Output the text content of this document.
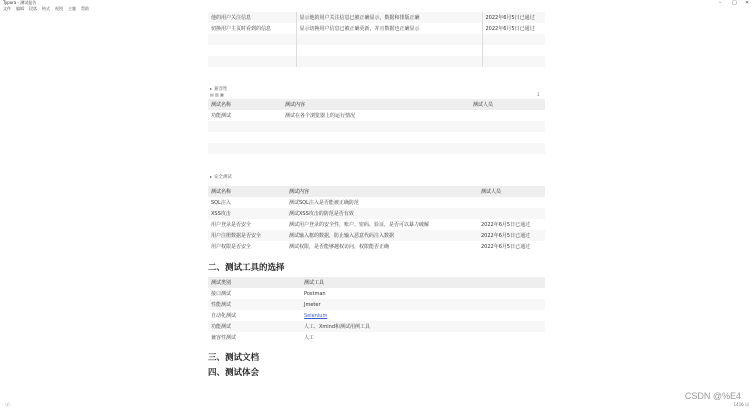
Typora - 测试报告	– □ ✕
文件 编辑 段落 格式 视图 主题 帮助
他的用户关注信息	显示他的用户关注信息已被正确显示，数据和排版正确	2022年6月5日已通过
切换用户主页时看到的信息	显示切换用户信息已被正确更新，并且数据也正确显示	2022年6月5日已通过

▸ 兼容性
▤ ▥ ▦	1
测试名称	测试内容	测试人员
功能测试	测试在各个浏览器上的运行情况	

▸ 安全测试
测试名称	测试内容	测试人员
SQL注入	测试SQL注入是否能被正确防范	
XSS攻击	测试XSS攻击的防范是否有效	
用户登录是否安全	测试用户登录的安全性，账户、密码、验证，是否可以暴力破解	2022年6月5日已通过
用户注册数据是否安全	测试输入框的数据，防止输入恶意代码注入数据	2022年6月5日已通过
用户权限是否安全	测试权限，是否能够越权访问，权限能否正确	2022年6月5日已通过
二、测试工具的选择
测试类别	测试工具
接口测试	Postman
性能测试	Jmeter
自动化测试	Selenium
功能测试	人工、Xmind和测试用例工具
兼容性测试	人工
三、测试文档
四、测试体会
CSDN @%E4
〈/〉	1416 词
